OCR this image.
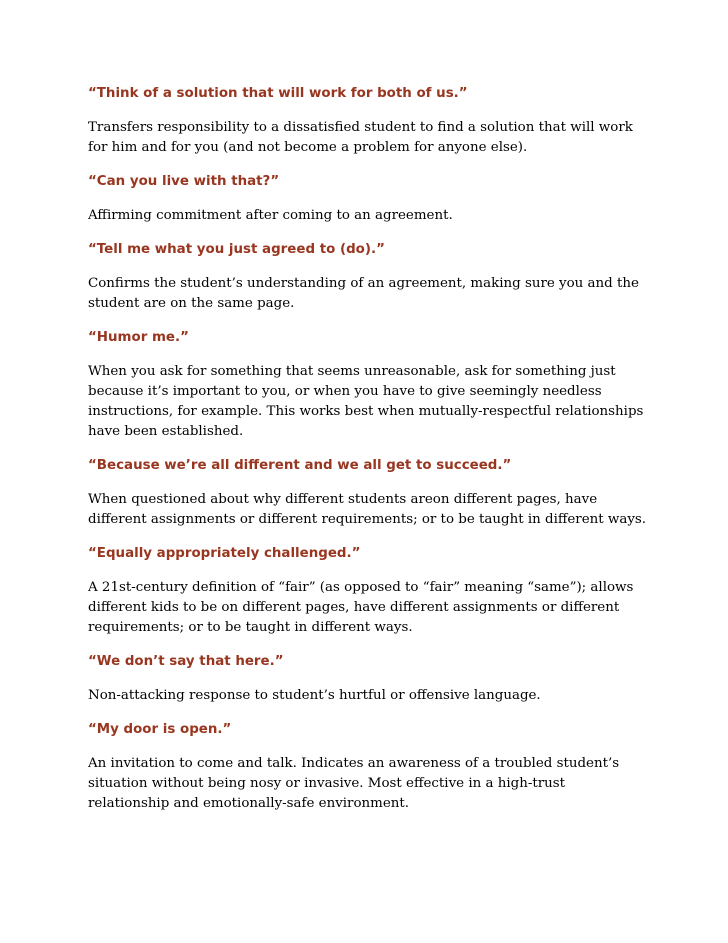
“Think of a solution that will work for both of us.”

Transfers responsibility to a dissatisfied student to find a solution that will work
for him and for you (and not become a problem for anyone else).

“Can you live with that?”

Affirming commitment after coming to an agreement.

“Tell me what you just agreed to (do).”

Confirms the student’s understanding of an agreement, making sure you and the
student are on the same page.

“Humor me.”

When you ask for something that seems unreasonable, ask for something just
because it’s important to you, or when you have to give seemingly needless
instructions, for example. This works best when mutually-respectful relationships
have been established.

“Because we’re all different and we all get to succeed.”

When questioned about why different students areon different pages, have
different assignments or different requirements; or to be taught in different ways.

“Equally appropriately challenged.”

A 21st-century definition of “fair” (as opposed to “fair” meaning “same”); allows
different kids to be on different pages, have different assignments or different
requirements; or to be taught in different ways.

“We don’t say that here.”

Non-attacking response to student’s hurtful or offensive language.

“My door is open.”

An invitation to come and talk. Indicates an awareness of a troubled student’s
situation without being nosy or invasive. Most effective in a high-trust
relationship and emotionally-safe environment.
